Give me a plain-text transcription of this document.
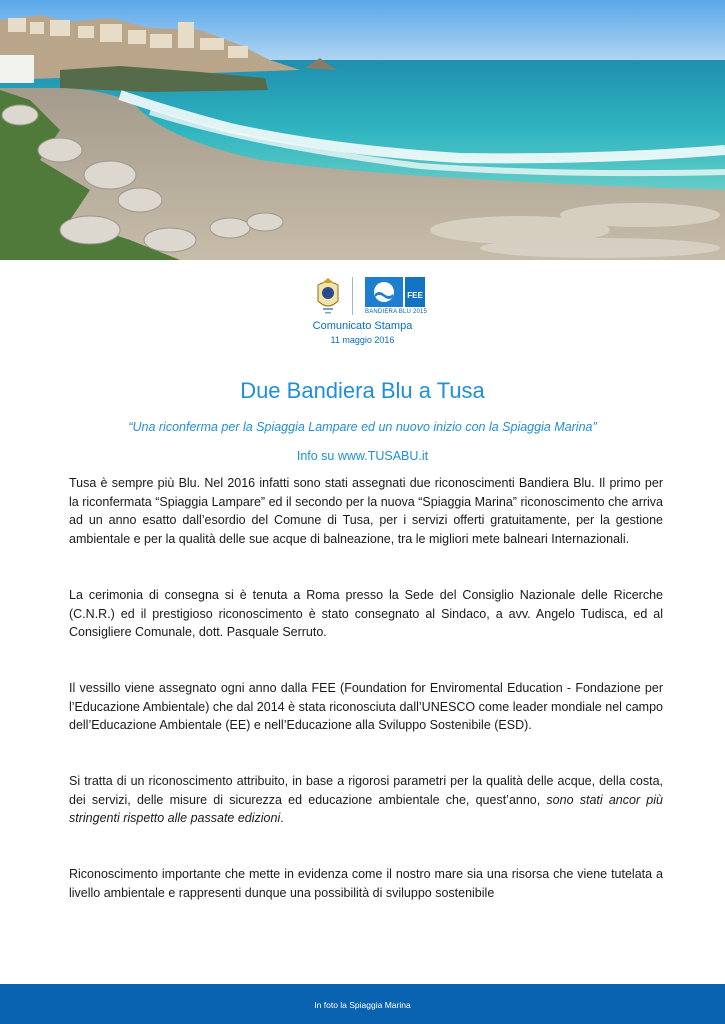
FEE
BANDIERA BLU 2015
Comunicato Stampa
11 maggio 2016
Due Bandiera Blu a Tusa
“Una riconferma per la Spiaggia Lampare ed un nuovo inizio con la Spiaggia Marina”
Info su www.TUSABU.it

Tusa è sempre più Blu. Nel 2016 infatti sono stati assegnati due riconoscimenti Bandiera Blu. Il primo per la riconfermata “Spiaggia Lampare” ed il secondo per la nuova “Spiaggia Marina” riconoscimento che arriva ad un anno esatto dall’esordio del Comune di Tusa, per i servizi offerti gratuitamente, per la gestione ambientale e per la qualità delle sue acque di balneazione, tra le migliori mete balneari Internazionali.

La cerimonia di consegna si è tenuta a Roma presso la Sede del Consiglio Nazionale delle Ricerche (C.N.R.) ed il prestigioso riconoscimento è stato consegnato al Sindaco, a avv. Angelo Tudisca, ed al Consigliere Comunale, dott. Pasquale Serruto.

Il vessillo viene assegnato ogni anno dalla FEE (Foundation for Enviromental Education - Fondazione per l’Educazione Ambientale) che dal 2014 è stata riconosciuta dall’UNESCO come leader mondiale nel campo dell’Educazione Ambientale (EE) e nell’Educazione alla Sviluppo Sostenibile (ESD).

Si tratta di un riconoscimento attribuito, in base a rigorosi parametri per la qualità delle acque, della costa, dei servizi, delle misure di sicurezza ed educazione ambientale che, quest’anno, sono stati ancor più stringenti rispetto alle passate edizioni.

Riconoscimento importante che mette in evidenza come il nostro mare sia una risorsa che viene tutelata a livello ambientale e rappresenti dunque una possibilità di sviluppo sostenibile

In foto la Spiaggia Marina
